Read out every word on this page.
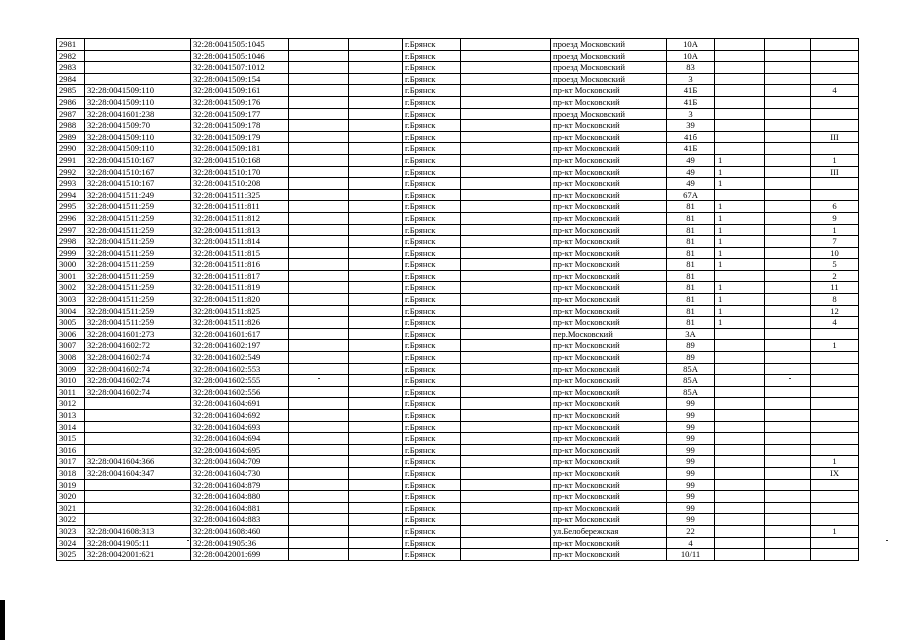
2981		32:28:0041505:1045			г.Брянск		проезд Московский	10А			
2982		32:28:0041505:1046			г.Брянск		проезд Московский	10А			
2983		32:28:0041507:1012			г.Брянск		проезд Московский	83			
2984		32:28:0041509:154			г.Брянск		проезд Московский	3			
2985	32:28:0041509:110	32:28:0041509:161			г.Брянск		пр-кт Московский	41Б			4
2986	32:28:0041509:110	32:28:0041509:176			г.Брянск		пр-кт Московский	41Б			
2987	32:28:0041601:238	32:28:0041509:177			г.Брянск		проезд Московский	3			
2988	32:28:0041509:70	32:28:0041509:178			г.Брянск		пр-кт Московский	39			
2989	32:28:0041509:110	32:28:0041509:179			г.Брянск		пр-кт Московский	41б			III
2990	32:28:0041509:110	32:28:0041509:181			г.Брянск		пр-кт Московский	41Б			
2991	32:28:0041510:167	32:28:0041510:168			г.Брянск		пр-кт Московский	49	1		1
2992	32:28:0041510:167	32:28:0041510:170			г.Брянск		пр-кт Московский	49	1		III
2993	32:28:0041510:167	32:28:0041510:208			г.Брянск		пр-кт Московский	49	1		
2994	32:28:0041511:249	32:28:0041511:325			г.Брянск		пр-кт Московский	67А			
2995	32:28:0041511:259	32:28:0041511:811			г.Брянск		пр-кт Московский	81	1		6
2996	32:28:0041511:259	32:28:0041511:812			г.Брянск		пр-кт Московский	81	1		9
2997	32:28:0041511:259	32:28:0041511:813			г.Брянск		пр-кт Московский	81	1		1
2998	32:28:0041511:259	32:28:0041511:814			г.Брянск		пр-кт Московский	81	1		7
2999	32:28:0041511:259	32:28:0041511:815			г.Брянск		пр-кт Московский	81	1		10
3000	32:28:0041511:259	32:28:0041511:816			г.Брянск		пр-кт Московский	81	1		5
3001	32:28:0041511:259	32:28:0041511:817			г.Брянск		пр-кт Московский	81			2
3002	32:28:0041511:259	32:28:0041511:819			г.Брянск		пр-кт Московский	81	1		11
3003	32:28:0041511:259	32:28:0041511:820			г.Брянск		пр-кт Московский	81	1		8
3004	32:28:0041511:259	32:28:0041511:825			г.Брянск		пр-кт Московский	81	1		12
3005	32:28:0041511:259	32:28:0041511:826			г.Брянск		пр-кт Московский	81	1		4
3006	32:28:0041601:273	32:28:0041601:617			г.Брянск		пер.Московский	3А			
3007	32:28:0041602:72	32:28:0041602:197			г.Брянск		пр-кт Московский	89			1
3008	32:28:0041602:74	32:28:0041602:549			г.Брянск		пр-кт Московский	89			
3009	32:28:0041602:74	32:28:0041602:553			г.Брянск		пр-кт Московский	85А			
3010	32:28:0041602:74	32:28:0041602:555			г.Брянск		пр-кт Московский	85А			
3011	32:28:0041602:74	32:28:0041602:556			г.Брянск		пр-кт Московский	85А			
3012		32:28:0041604:691			г.Брянск		пр-кт Московский	99			
3013		32:28:0041604:692			г.Брянск		пр-кт Московский	99			
3014		32:28:0041604:693			г.Брянск		пр-кт Московский	99			
3015		32:28:0041604:694			г.Брянск		пр-кт Московский	99			
3016		32:28:0041604:695			г.Брянск		пр-кт Московский	99			
3017	32:28:0041604:366	32:28:0041604:709			г.Брянск		пр-кт Московский	99			1
3018	32:28:0041604:347	32:28:0041604:730			г.Брянск		пр-кт Московский	99			IX
3019		32:28:0041604:879			г.Брянск		пр-кт Московский	99			
3020		32:28:0041604:880			г.Брянск		пр-кт Московский	99			
3021		32:28:0041604:881			г.Брянск		пр-кт Московский	99			
3022		32:28:0041604:883			г.Брянск		пр-кт Московский	99			
3023	32:28:0041608:313	32:28:0041608:460			г.Брянск		ул.Белобережская	22			1
3024	32:28:0041905:11	32:28:0041905:36			г.Брянск		пр-кт Московский	4			
3025	32:28:0042001:621	32:28:0042001:699			г.Брянск		пр-кт Московский	10/11			
